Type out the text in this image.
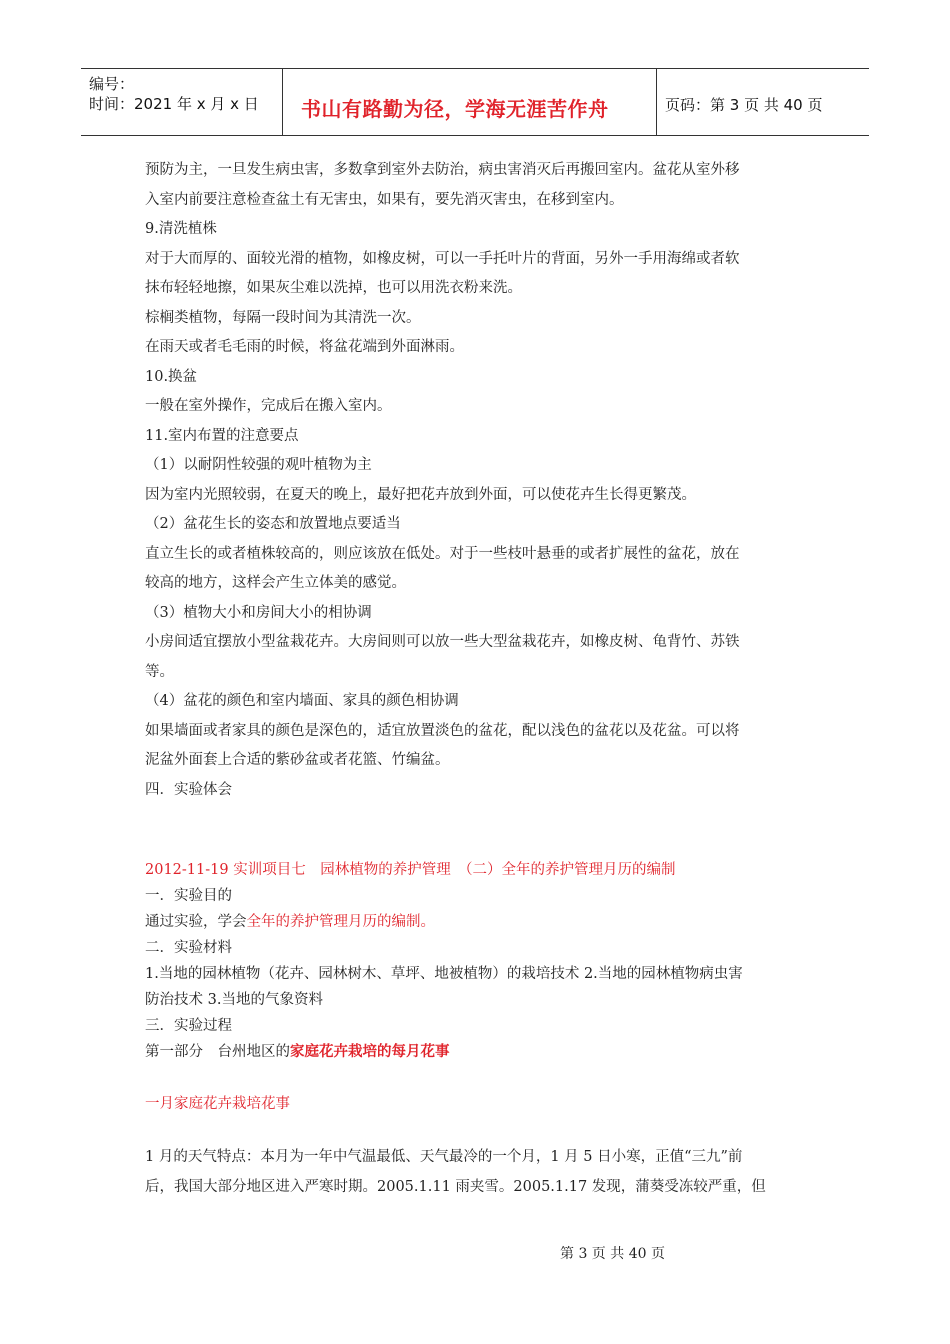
编号：
时间：2021 年 x 月 x 日 书山有路勤为径，学海无涯苦作舟	页码：第 3 页 共 40 页
预防为主，一旦发生病虫害，多数拿到室外去防治，病虫害消灭后再搬回室内。盆花从室外移
入室内前要注意检查盆土有无害虫，如果有，要先消灭害虫，在移到室内。
9.清洗植株
对于大而厚的、面较光滑的植物，如橡皮树，可以一手托叶片的背面，另外一手用海绵或者软
抹布轻轻地擦，如果灰尘难以洗掉，也可以用洗衣粉来洗。
棕榈类植物，每隔一段时间为其清洗一次。
在雨天或者毛毛雨的时候，将盆花端到外面淋雨。
10.换盆
一般在室外操作，完成后在搬入室内。
11.室内布置的注意要点
（1）以耐阴性较强的观叶植物为主
因为室内光照较弱，在夏天的晚上，最好把花卉放到外面，可以使花卉生长得更繁茂。
（2）盆花生长的姿态和放置地点要适当
直立生长的或者植株较高的，则应该放在低处。对于一些枝叶悬垂的或者扩展性的盆花，放在
较高的地方，这样会产生立体美的感觉。
（3）植物大小和房间大小的相协调
小房间适宜摆放小型盆栽花卉。大房间则可以放一些大型盆栽花卉，如橡皮树、龟背竹、苏铁
等。
（4）盆花的颜色和室内墙面、家具的颜色相协调
如果墙面或者家具的颜色是深色的，适宜放置淡色的盆花，配以浅色的盆花以及花盆。可以将
泥盆外面套上合适的紫砂盆或者花篮、竹编盆。
四．实验体会
2012-11-19 实训项目七　园林植物的养护管理　（二）全年的养护管理月历的编制
一．实验目的
通过实验，学会全年的养护管理月历的编制。
二．实验材料
1.当地的园林植物（花卉、园林树木、草坪、地被植物）的栽培技术 2.当地的园林植物病虫害
防治技术 3.当地的气象资料
三．实验过程
第一部分　台州地区的家庭花卉栽培的每月花事
一月家庭花卉栽培花事
1 月的天气特点：本月为一年中气温最低、天气最冷的一个月，1 月 5 日小寒，正值“三九”前
后，我国大部分地区进入严寒时期。2005.1.11 雨夹雪。2005.1.17 发现，蒲葵受冻较严重，但
第 3 页 共 40 页
